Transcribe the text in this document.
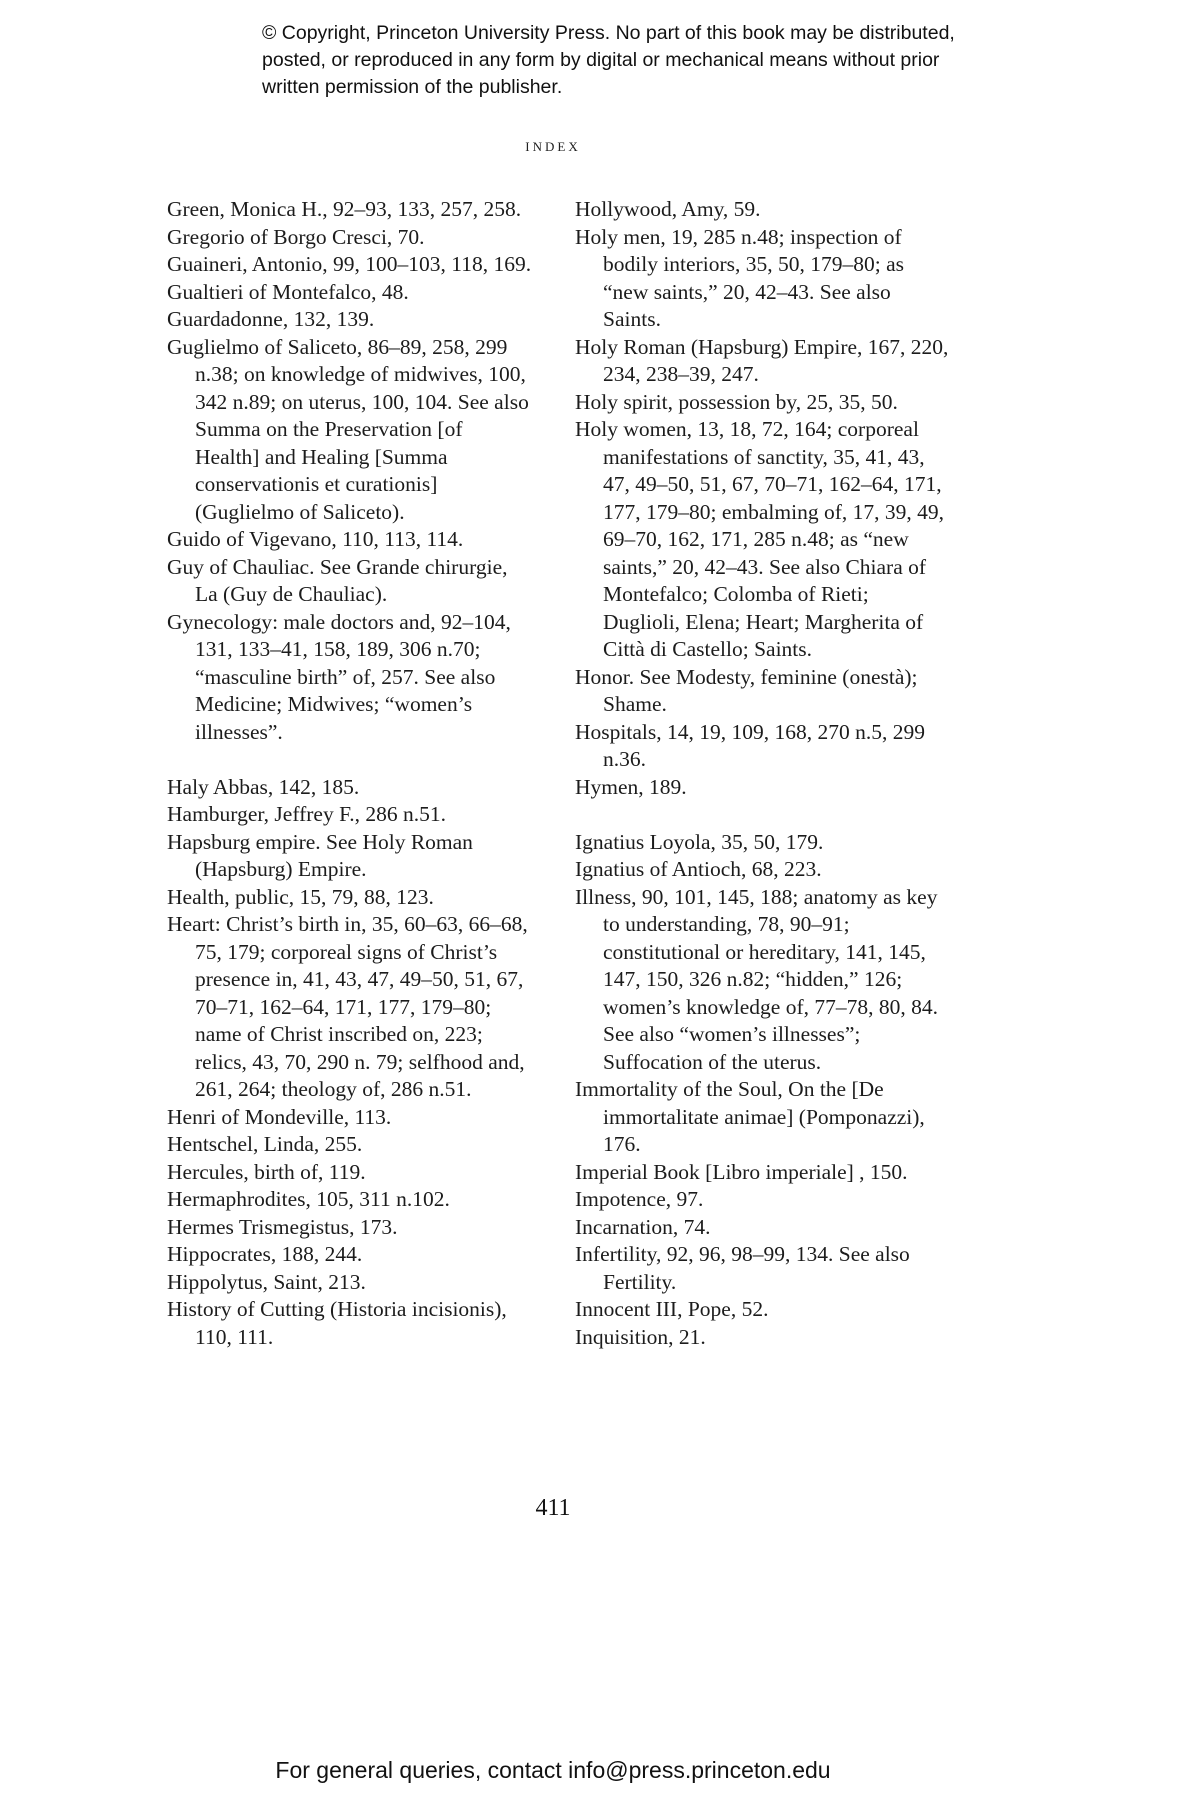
© Copyright, Princeton University Press. No part of this book may be distributed, posted, or reproduced in any form by digital or mechanical means without prior written permission of the publisher.
INDEX

Green, Monica H., 92–93, 133, 257, 258.

Gregorio of Borgo Cresci, 70.

Guaineri, Antonio, 99, 100–103, 118, 169.

Gualtieri of Montefalco, 48.

Guardadonne, 132, 139.

Guglielmo of Saliceto, 86–89, 258, 299 n.38; on knowledge of midwives, 100, 342 n.89; on uterus, 100, 104. See also Summa on the Preservation [of Health] and Healing [Summa conservationis et curationis] (Guglielmo of Saliceto).

Guido of Vigevano, 110, 113, 114.

Guy of Chauliac. See Grande chirurgie, La (Guy de Chauliac).

Gynecology: male doctors and, 92–104, 131, 133–41, 158, 189, 306 n.70; “masculine birth” of, 257. See also Medicine; Midwives; “women’s illnesses”.

Haly Abbas, 142, 185.

Hamburger, Jeffrey F., 286 n.51.

Hapsburg empire. See Holy Roman (Hapsburg) Empire.

Health, public, 15, 79, 88, 123.

Heart: Christ’s birth in, 35, 60–63, 66–68, 75, 179; corporeal signs of Christ’s presence in, 41, 43, 47, 49–50, 51, 67, 70–71, 162–64, 171, 177, 179–80; name of Christ inscribed on, 223; relics, 43, 70, 290 n. 79; selfhood and, 261, 264; theology of, 286 n.51.

Henri of Mondeville, 113.

Hentschel, Linda, 255.

Hercules, birth of, 119.

Hermaphrodites, 105, 311 n.102.

Hermes Trismegistus, 173.

Hippocrates, 188, 244.

Hippolytus, Saint, 213.

History of Cutting (Historia incisionis), 110, 111.

Hollywood, Amy, 59.

Holy men, 19, 285 n.48; inspection of bodily interiors, 35, 50, 179–80; as “new saints,” 20, 42–43. See also Saints.

Holy Roman (Hapsburg) Empire, 167, 220, 234, 238–39, 247.

Holy spirit, possession by, 25, 35, 50.

Holy women, 13, 18, 72, 164; corporeal manifestations of sanctity, 35, 41, 43, 47, 49–50, 51, 67, 70–71, 162–64, 171, 177, 179–80; embalming of, 17, 39, 49, 69–70, 162, 171, 285 n.48; as “new saints,” 20, 42–43. See also Chiara of Montefalco; Colomba of Rieti; Duglioli, Elena; Heart; Margherita of Città di Castello; Saints.

Honor. See Modesty, feminine (onestà); Shame.

Hospitals, 14, 19, 109, 168, 270 n.5, 299 n.36.

Hymen, 189.

Ignatius Loyola, 35, 50, 179.

Ignatius of Antioch, 68, 223.

Illness, 90, 101, 145, 188; anatomy as key to understanding, 78, 90–91; constitutional or hereditary, 141, 145, 147, 150, 326 n.82; “hidden,” 126; women’s knowledge of, 77–78, 80, 84. See also “women’s illnesses”; Suffocation of the uterus.

Immortality of the Soul, On the [De immortalitate animae] (Pomponazzi), 176.

Imperial Book [Libro imperiale] , 150.

Impotence, 97.

Incarnation, 74.

Infertility, 92, 96, 98–99, 134. See also Fertility.

Innocent III, Pope, 52.

Inquisition, 21.

411
For general queries, contact info@press.princeton.edu
